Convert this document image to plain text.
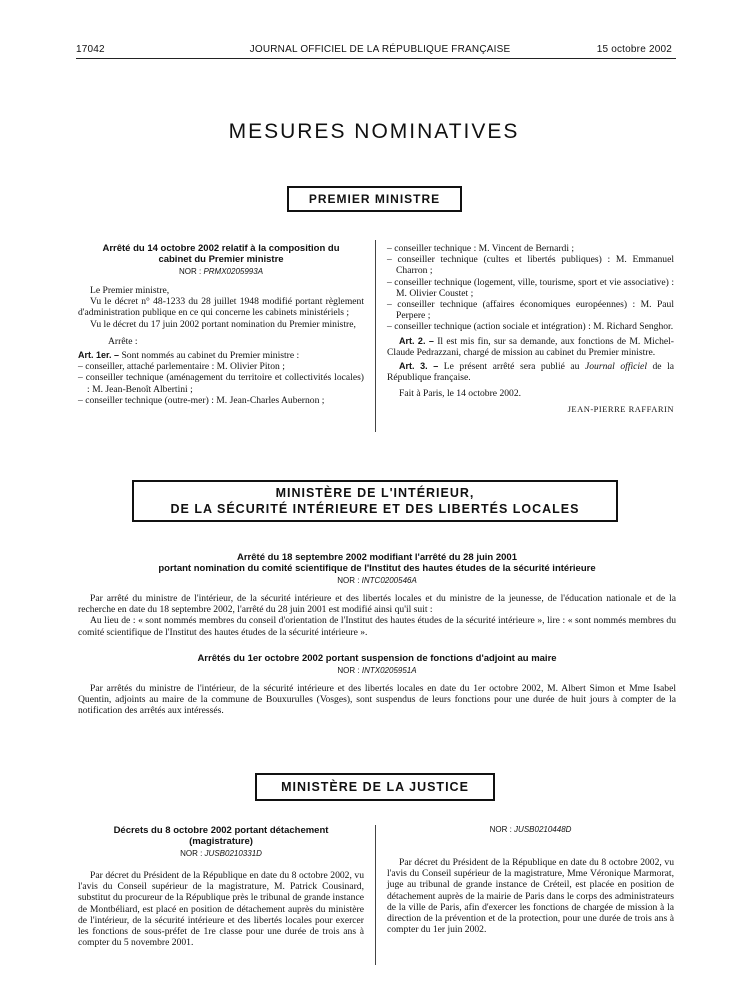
17042	JOURNAL OFFICIEL DE LA RÉPUBLIQUE FRANÇAISE	15 octobre 2002
MESURES NOMINATIVES
PREMIER MINISTRE
Arrêté du 14 octobre 2002 relatif à la composition du cabinet du Premier ministre
NOR : PRMX0205993A
Le Premier ministre,
Vu le décret n° 48-1233 du 28 juillet 1948 modifié portant règlement d'administration publique en ce qui concerne les cabinets ministériels ;
Vu le décret du 17 juin 2002 portant nomination du Premier ministre,
Arrête :
Art. 1er. – Sont nommés au cabinet du Premier ministre :
– conseiller, attaché parlementaire : M. Olivier Piton ;
– conseiller technique (aménagement du territoire et collectivités locales) : M. Jean-Benoît Albertini ;
– conseiller technique (outre-mer) : M. Jean-Charles Aubernon ;
– conseiller technique : M. Vincent de Bernardi ;
– conseiller technique (cultes et libertés publiques) : M. Emmanuel Charron ;
– conseiller technique (logement, ville, tourisme, sport et vie associative) : M. Olivier Coustet ;
– conseiller technique (affaires économiques européennes) : M. Paul Perpere ;
– conseiller technique (action sociale et intégration) : M. Richard Senghor.
Art. 2. – Il est mis fin, sur sa demande, aux fonctions de M. Michel-Claude Pedrazzani, chargé de mission au cabinet du Premier ministre.
Art. 3. – Le présent arrêté sera publié au Journal officiel de la République française.
Fait à Paris, le 14 octobre 2002.
JEAN-PIERRE RAFFARIN
MINISTÈRE DE L'INTÉRIEUR,
DE LA SÉCURITÉ INTÉRIEURE ET DES LIBERTÉS LOCALES
Arrêté du 18 septembre 2002 modifiant l'arrêté du 28 juin 2001
portant nomination du comité scientifique de l'Institut des hautes études de la sécurité intérieure
NOR : INTC0200546A
Par arrêté du ministre de l'intérieur, de la sécurité intérieure et des libertés locales et du ministre de la jeunesse, de l'éducation nationale et de la recherche en date du 18 septembre 2002, l'arrêté du 28 juin 2001 est modifié ainsi qu'il suit :
Au lieu de : « sont nommés membres du conseil d'orientation de l'Institut des hautes études de la sécurité intérieure », lire : « sont nommés membres du comité scientifique de l'Institut des hautes études de la sécurité intérieure ».
Arrêtés du 1er octobre 2002 portant suspension de fonctions d'adjoint au maire
NOR : INTX0205951A
Par arrêtés du ministre de l'intérieur, de la sécurité intérieure et des libertés locales en date du 1er octobre 2002, M. Albert Simon et Mme Isabel Quentin, adjoints au maire de la commune de Bouxurulles (Vosges), sont suspendus de leurs fonctions pour une durée de huit jours à compter de la notification des arrêtés aux intéressés.
MINISTÈRE DE LA JUSTICE
Décrets du 8 octobre 2002 portant détachement (magistrature)
NOR : JUSB0210331D
Par décret du Président de la République en date du 8 octobre 2002, vu l'avis du Conseil supérieur de la magistrature, M. Patrick Cousinard, substitut du procureur de la République près le tribunal de grande instance de Montbéliard, est placé en position de détachement auprès du ministère de l'intérieur, de la sécurité intérieure et des libertés locales pour exercer les fonctions de sous-préfet de 1re classe pour une durée de trois ans à compter du 5 novembre 2001.
NOR : JUSB0210448D
Par décret du Président de la République en date du 8 octobre 2002, vu l'avis du Conseil supérieur de la magistrature, Mme Véronique Marmorat, juge au tribunal de grande instance de Créteil, est placée en position de détachement auprès de la mairie de Paris dans le corps des administrateurs de la ville de Paris, afin d'exercer les fonctions de chargée de mission à la direction de la prévention et de la protection, pour une durée de trois ans à compter du 1er juin 2002.
